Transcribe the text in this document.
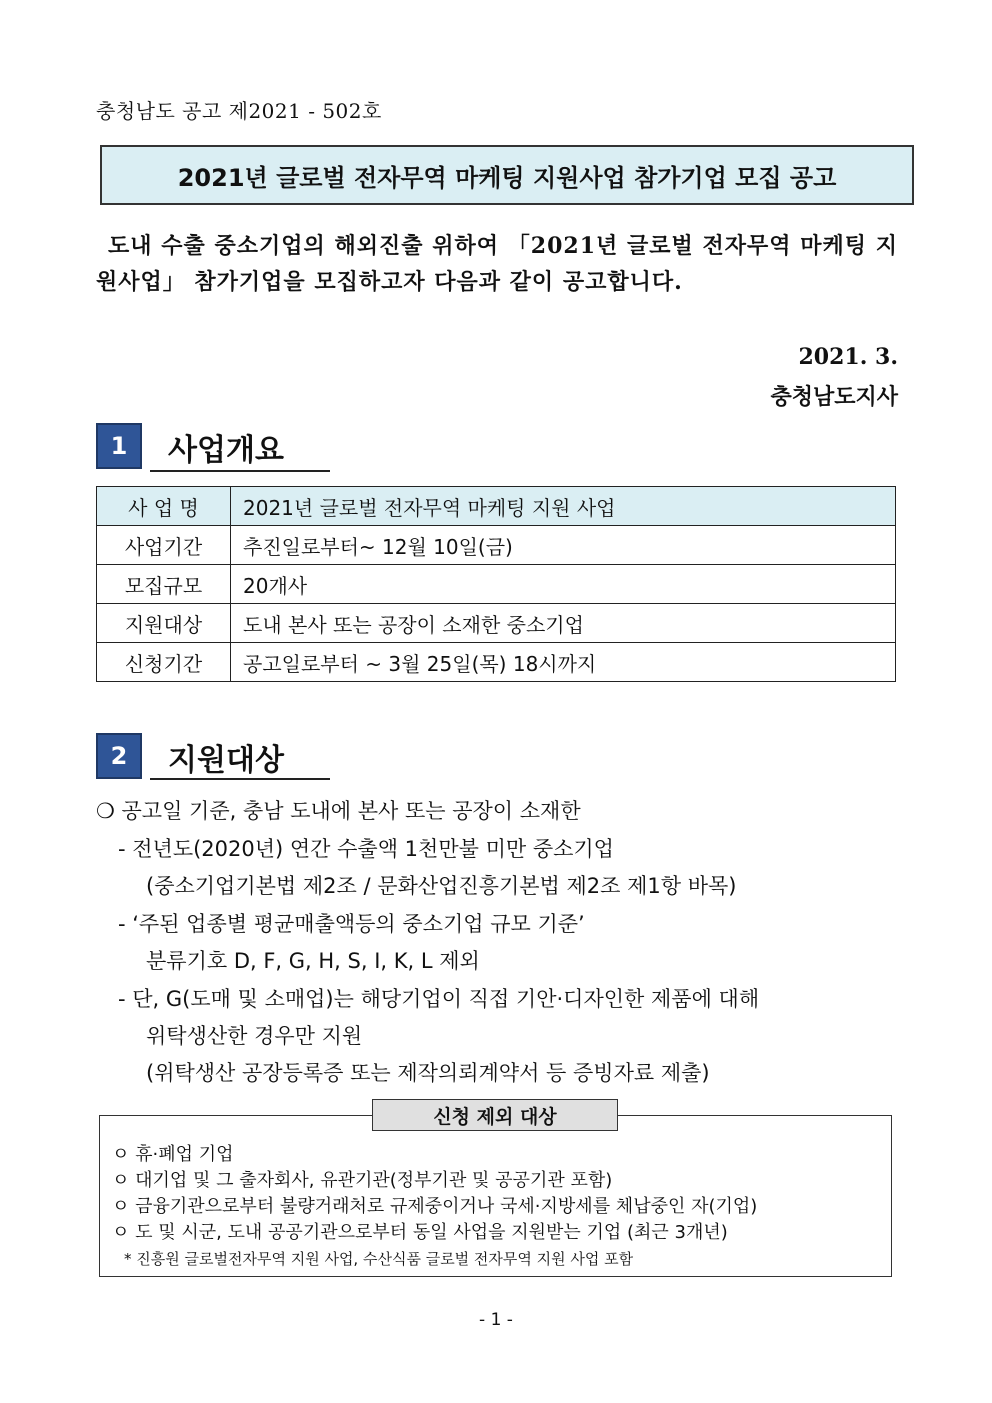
충청남도 공고 제2021 - 502호
2021년 글로벌 전자무역 마케팅 지원사업 참가기업 모집 공고
도내 수출 중소기업의 해외진출 위하여 「2021년 글로벌 전자무역 마케팅 지원사업」 참가기업을 모집하고자 다음과 같이 공고합니다.
2021. 3.
충청남도지사
1	사업개요
사 업 명	2021년 글로벌 전자무역 마케팅 지원 사업
사업기간	추진일로부터~ 12월 10일(금)
모집규모	20개사
지원대상	도내 본사 또는 공장이 소재한 중소기업
신청기간	공고일로부터 ~ 3월 25일(목) 18시까지
2	지원대상
❍ 공고일 기준, 충남 도내에 본사 또는 공장이 소재한
- 전년도(2020년) 연간 수출액 1천만불 미만 중소기업
(중소기업기본법 제2조 / 문화산업진흥기본법 제2조 제1항 바목)
- ‘주된 업종별 평균매출액등의 중소기업 규모 기준’
분류기호 D, F, G, H, S, I, K, L 제외
- 단, G(도매 및 소매업)는 해당기업이 직접 기안·디자인한 제품에 대해
위탁생산한 경우만 지원
(위탁생산 공장등록증 또는 제작의뢰계약서 등 증빙자료 제출)
신청 제외 대상
ㅇ 휴·폐업 기업
ㅇ 대기업 및 그 출자회사, 유관기관(정부기관 및 공공기관 포함)
ㅇ 금융기관으로부터 불량거래처로 규제중이거나 국세·지방세를 체납중인 자(기업)
ㅇ 도 및 시군, 도내 공공기관으로부터 동일 사업을 지원받는 기업 (최근 3개년)
* 진흥원 글로벌전자무역 지원 사업, 수산식품 글로벌 전자무역 지원 사업 포함
- 1 -
